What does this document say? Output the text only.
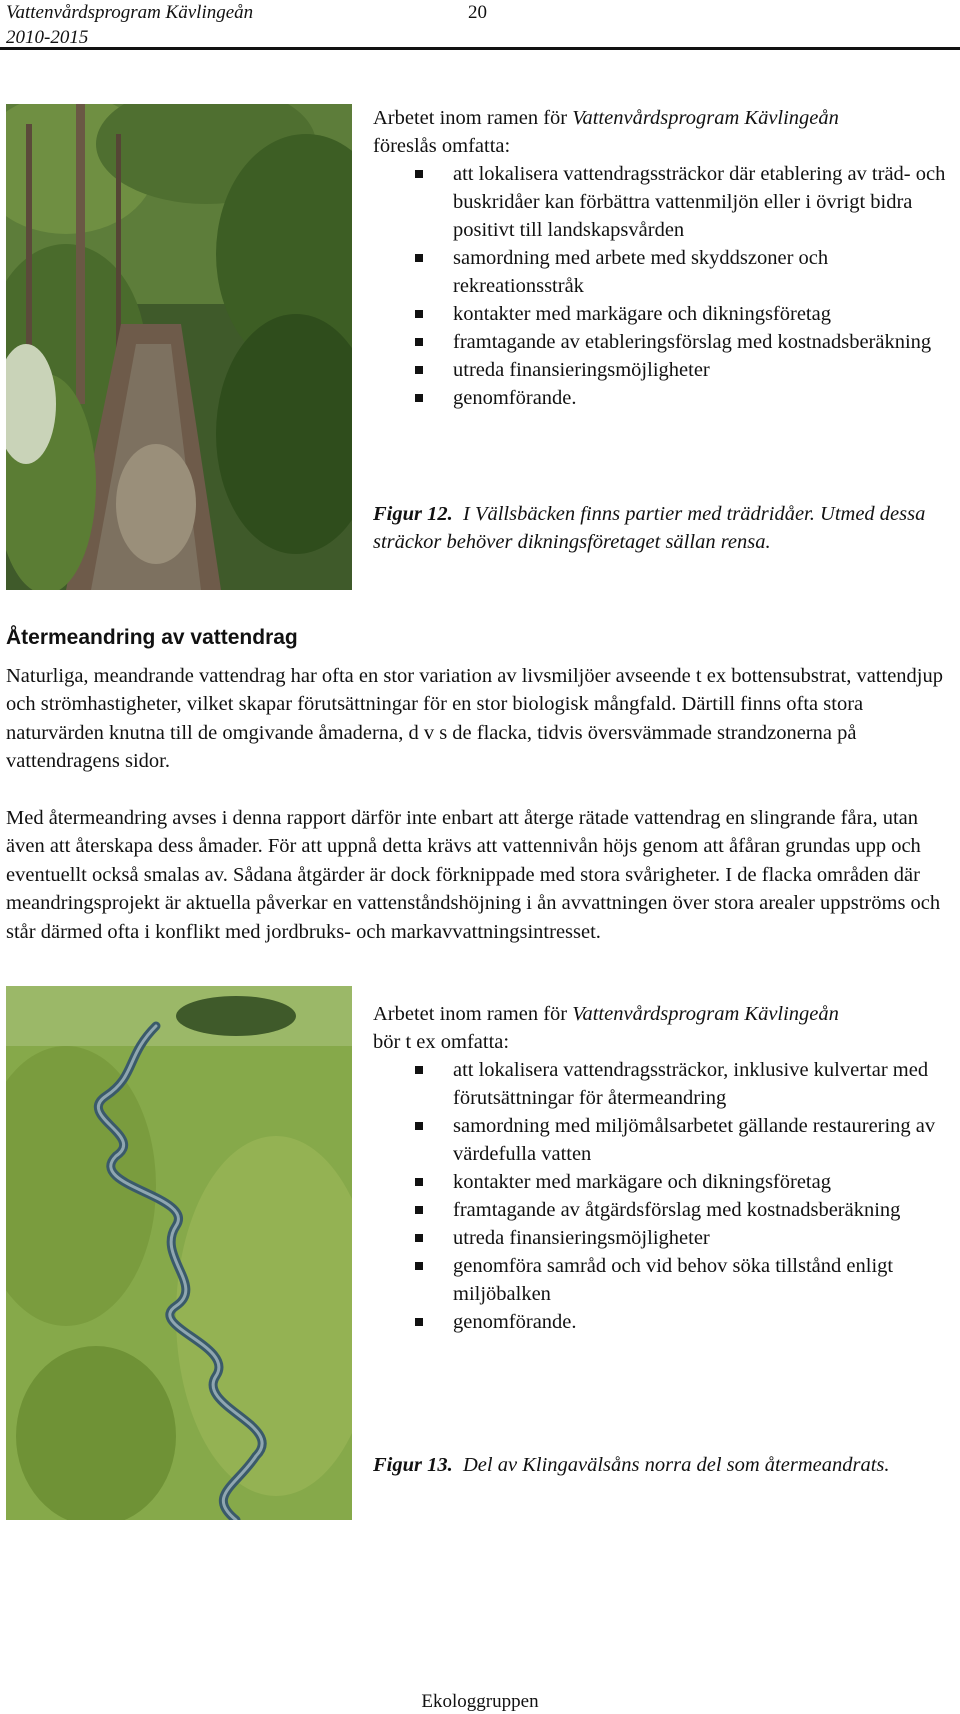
Vattenvårdsprogram Kävlingeån
2010-2015
20

Arbetet inom ramen för Vattenvårdsprogram Kävlingeån
föreslås omfatta:

att lokalisera vattendragssträckor där etablering av träd- och buskridåer kan förbättra vattenmiljön eller i övrigt bidra positivt till landskapsvården
samordning med arbete med skyddszoner och rekreationsstråk
kontakter med markägare och dikningsföretag
framtagande av etableringsförslag med kostnadsberäkning
utreda finansieringsmöjligheter
genomförande.
Figur 12. I Vällsbäcken finns partier med trädridåer. Utmed dessa sträckor behöver dikningsföretaget sällan rensa.
Återmeandring av vattendrag

Naturliga, meandrande vattendrag har ofta en stor variation av livsmiljöer avseende t ex bottensubstrat, vattendjup och strömhastigheter, vilket skapar förutsättningar för en stor biologisk mångfald. Därtill finns ofta stora naturvärden knutna till de omgivande åmaderna, d v s de flacka, tidvis översvämmade strandzonerna på vattendragens sidor.

Med återmeandring avses i denna rapport därför inte enbart att återge rätade vattendrag en slingrande fåra, utan även att återskapa dess åmader. För att uppnå detta krävs att vattennivån höjs genom att åfåran grundas upp och eventuellt också smalas av. Sådana åtgärder är dock förknippade med stora svårigheter. I de flacka områden där meandringsprojekt är aktuella påverkar en vattenståndshöjning i ån avvattningen över stora arealer uppströms och står därmed ofta i konflikt med jordbruks- och markavvattningsintresset.

Arbetet inom ramen för Vattenvårdsprogram Kävlingeån
bör t ex omfatta:

att lokalisera vattendragssträckor, inklusive kulvertar med förutsättningar för återmeandring
samordning med miljömålsarbetet gällande restaurering av värdefulla vatten
kontakter med markägare och dikningsföretag
framtagande av åtgärdsförslag med kostnadsberäkning
utreda finansieringsmöjligheter
genomföra samråd och vid behov söka tillstånd enligt miljöbalken
genomförande.
Figur 13. Del av Klingavälsåns norra del som återmeandrats.
Ekologgruppen
